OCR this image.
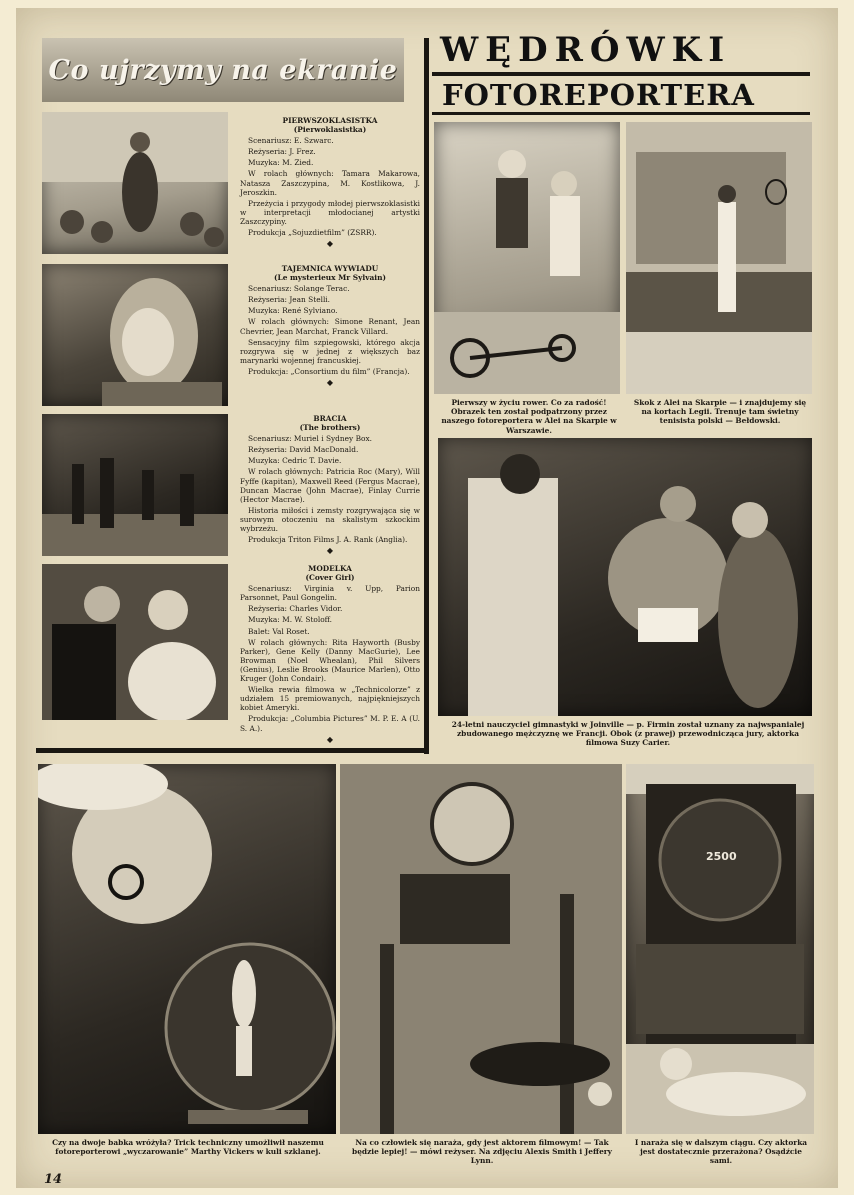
Co ujrzymy na ekranie
PIERWSZOKLASISTKA
(Pierwoklasistka)
Scenariusz: E. Szwarc.
Reżyseria: J. Frez.
Muzyka: M. Zied.
W rolach głównych: Tamara Makarowa, Natasza Zaszczypina, M. Kostlikowa, J. Jeroszkin.
Przeżycia i przygody młodej pierwszoklasistki w interpretacji młodocianej artystki Zaszczypiny.
Produkcja „Sojuzdietfilm” (ZSRR).
◆
TAJEMNICA WYWIADU
(Le mysterieux Mr Sylvain)
Scenariusz: Solange Terac.
Reżyseria: Jean Stelli.
Muzyka: René Sylviano.
W rolach głównych: Simone Renant, Jean Chevrier, Jean Marchat, Franck Villard.
Sensacyjny film szpiegowski, którego akcja rozgrywa się w jednej z większych baz marynarki wojennej francuskiej.
Produkcja: „Consortium du film” (Francja).
◆
BRACIA
(The brothers)
Scenariusz: Muriel i Sydney Box.
Reżyseria: David MacDonald.
Muzyka: Cedric T. Davie.
W rolach głównych: Patricia Roc (Mary), Will Fyffe (kapitan), Maxwell Reed (Fergus Macrae), Duncan Macrae (John Macrae), Finlay Currie (Hector Macrae).
Historia miłości i zemsty rozgrywająca się w surowym otoczeniu na skalistym szkockim wybrzeżu.
Produkcja Triton Films J. A. Rank (Anglia).
◆
MODELKA
(Cover Girl)
Scenariusz: Virginia v. Upp, Parion Parsonnet, Paul Gongelin.
Reżyseria: Charles Vidor.
Muzyka: M. W. Stoloff.
Balet: Val Roset.
W rolach głównych: Rita Hayworth (Busby Parker), Gene Kelly (Danny MacGurie), Lee Browman (Noel Whealan), Phil Silvers (Genius), Leslie Brooks (Maurice Marlen), Otto Kruger (John Condair).
Wielka rewia filmowa w „Technicolorze” z udziałem 15 premiowanych, najpiękniejszych kobiet Ameryki.
Produkcja: „Columbia Pictures” M. P. E. A (U. S. A.).
◆
WĘDRÓWKI
FOTOREPORTERA
2500
Pierwszy w życiu rower. Co za radość! Obrazek ten został podpatrzony przez naszego fotoreportera w Alei na Skarpie w Warszawie.
Skok z Alei na Skarpie — i znajdujemy się na kortach Legii. Trenuje tam świetny tenisista polski — Bełdowski.
24-letni nauczyciel gimnastyki w Joinville — p. Firmin został uznany za najwspanialej zbudowanego mężczyznę we Francji. Obok (z prawej) przewodnicząca jury, aktorka filmowa Suzy Carier.
Czy na dwoje babka wróżyła? Trick techniczny umożliwił naszemu fotoreporterowi „wyczarowanie” Marthy Vickers w kuli szklanej.
Na co człowiek się naraża, gdy jest aktorem filmowym! — Tak będzie lepiej! — mówi reżyser. Na zdjęciu Alexis Smith i Jeffery Lynn.
I naraża się w dalszym ciągu. Czy aktorka jest dostatecznie przerażona? Osądźcie sami.
14
